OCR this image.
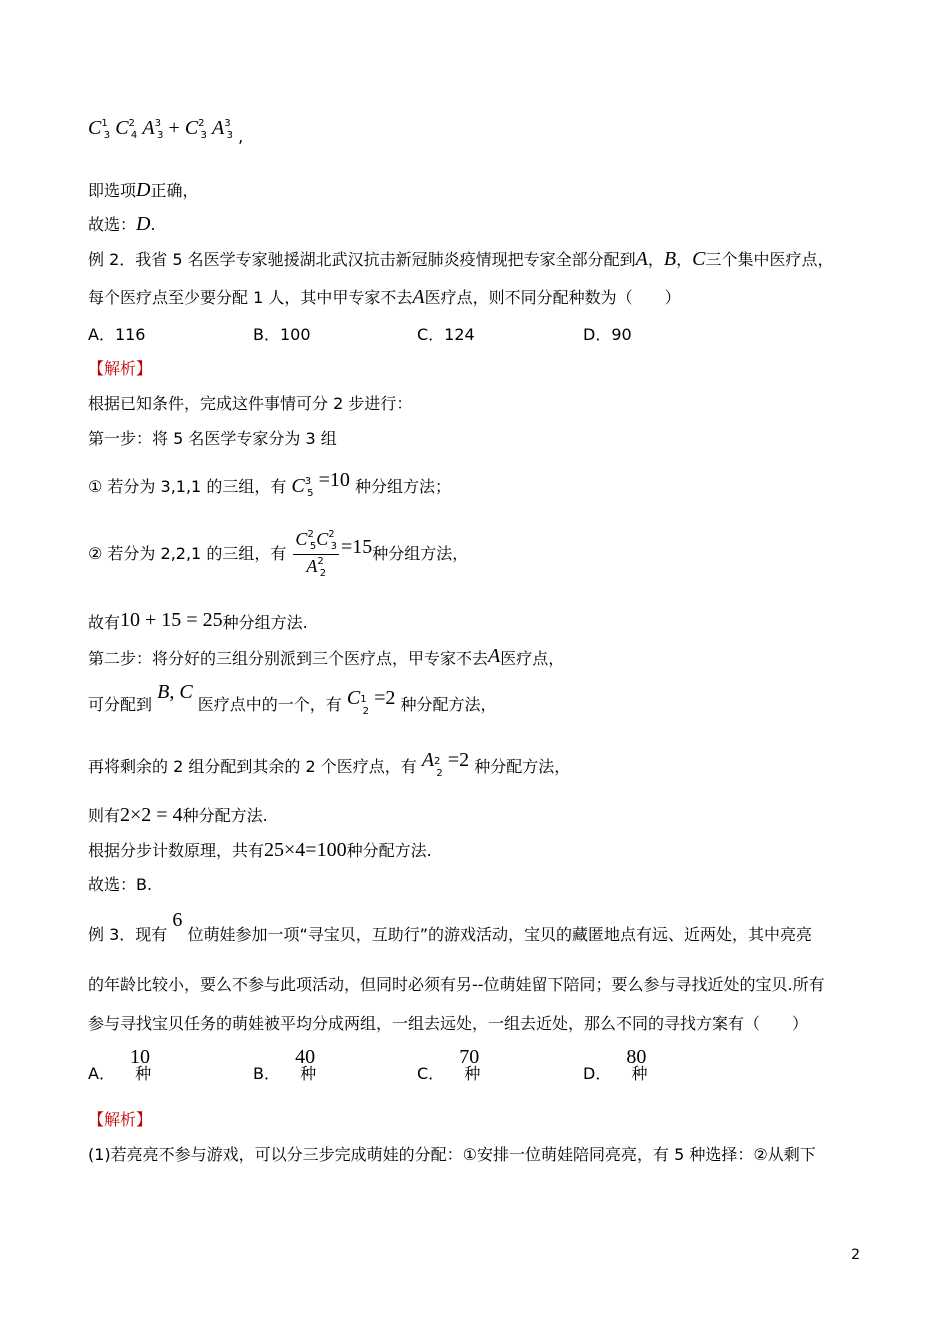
$C^1_3$ $C^2_4$ $A^3_3 + C^2_3$ $A^3_3$ ,
即选项D正确，
故选：D.
例 2．我省 5 名医学专家驰援湖北武汉抗击新冠肺炎疫情现把专家全部分配到A，B，C三个集中医疗点，
每个医疗点至少要分配 1 人，其中甲专家不去A医疗点，则不同分配种数为（　　）
A．116	B．100	C．124	D．90
【解析】
根据已知条件，完成这件事情可分 2 步进行：
第一步：将 5 名医学专家分为 3 组
① 若分为 3,1,1 的三组，有 $C^3_5 =10$ 种分组方法；
② 若分为 2,2,1 的三组，有 $\frac{C^2_5C^2_3}{A^2_2} =15$种分组方法，
故有10 + 15 = 25种分组方法.
第二步：将分好的三组分别派到三个医疗点，甲专家不去A医疗点，
可分配到 B, C 医疗点中的一个，有 $C^1_2 =2$ 种分配方法，
再将剩余的 2 组分配到其余的 2 个医疗点，有 $A^2_2 =2$ 种分配方法，
则有2×2 = 4种分配方法.
根据分步计数原理，共有25×4=100种分配方法.
故选：B.
例 3．现有 6 位萌娃参加一项“寻宝贝，互助行”的游戏活动，宝贝的藏匿地点有远、近两处，其中亮亮
的年龄比较小，要么不参与此项活动，但同时必须有另--位萌娃留下陪同；要么参与寻找近处的宝贝.所有
参与寻找宝贝任务的萌娃被平均分成两组，一组去远处，一组去近处，那么不同的寻找方案有（　　）
A． 10 种	B． 40 种	C． 70 种	D． 80 种
【解析】
(1)若亮亮不参与游戏，可以分三步完成萌娃的分配：①安排一位萌娃陪同亮亮，有 5 种选择：②从剩下
2
